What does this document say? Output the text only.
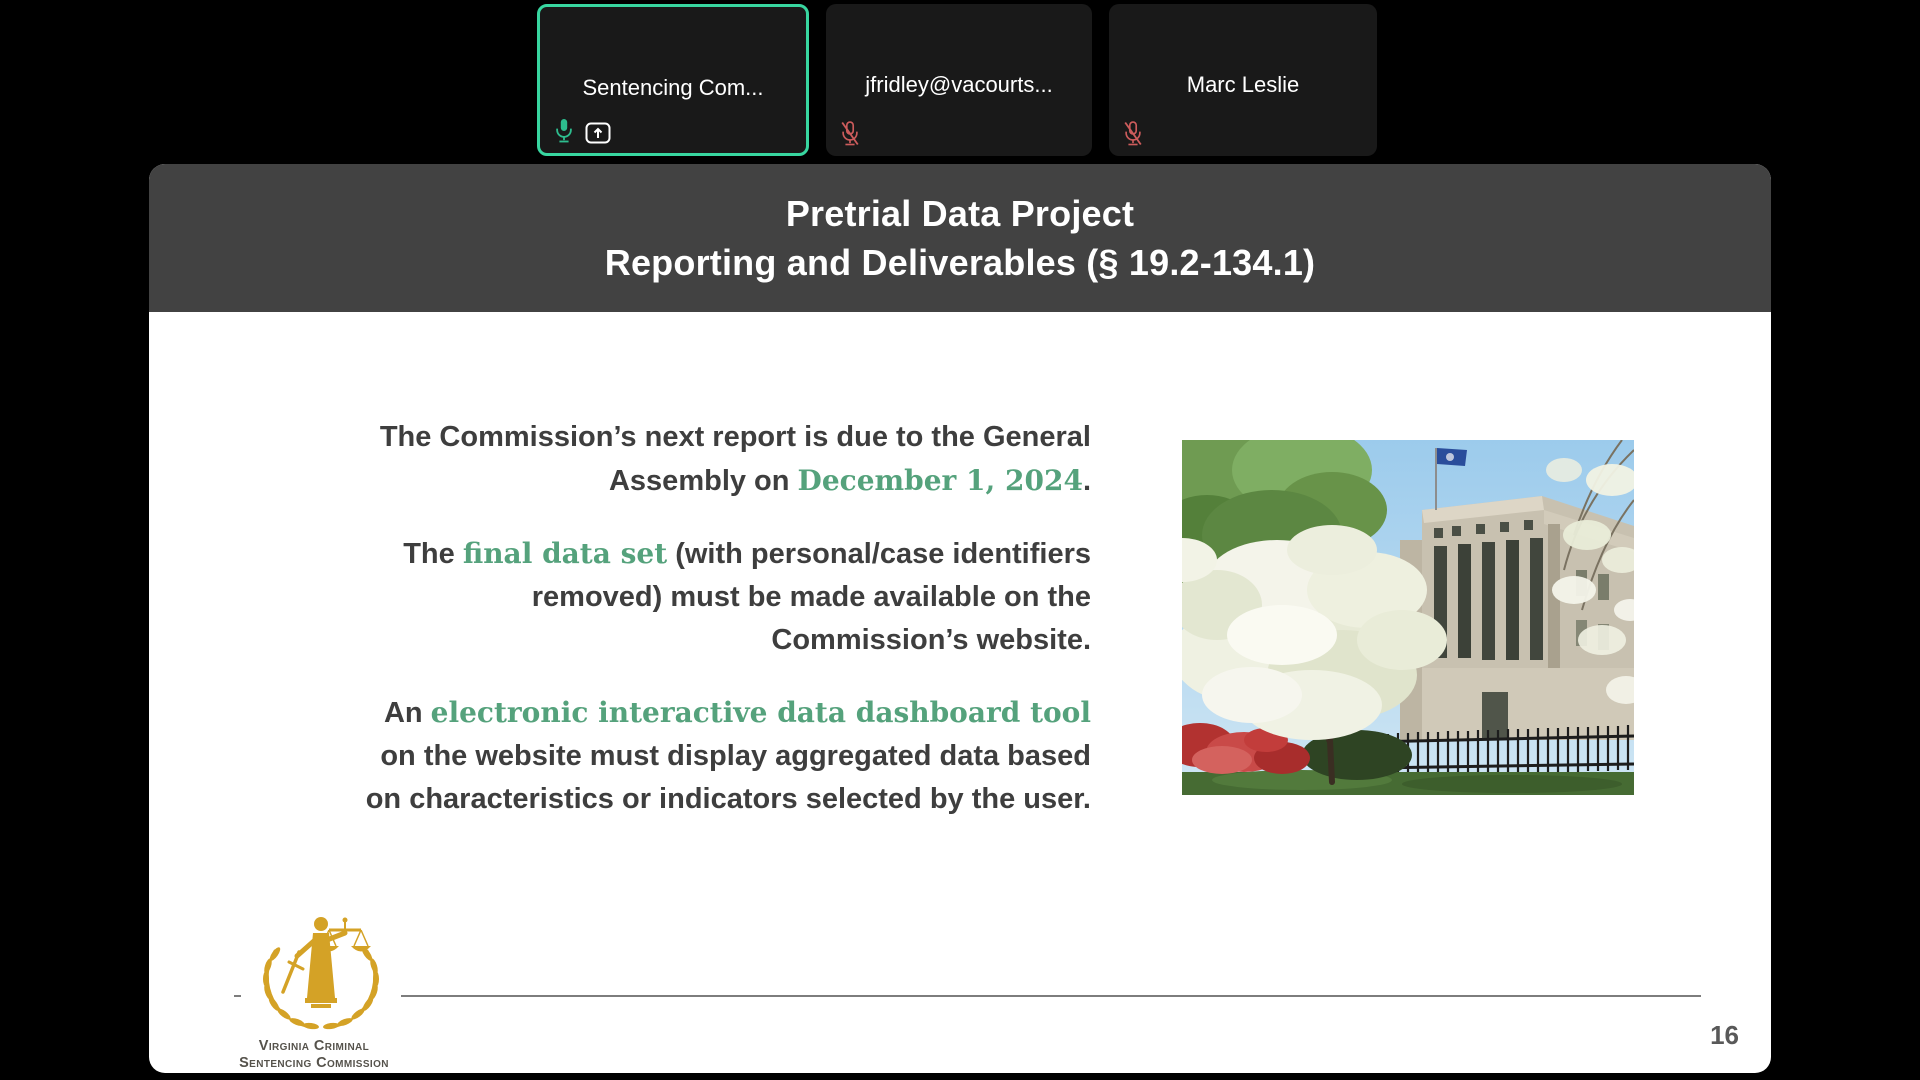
Sentencing Com...	jfridley@vacourts...	Marc Leslie
Pretrial Data Project
Reporting and Deliverables (§ 19.2-134.1)

The Commission’s next report is due to the General Assembly on December 1, 2024.

The final data set (with personal/case identifiers removed) must be made available on the Commission’s website.

An electronic interactive data dashboard tool on the website must display aggregated data based on characteristics or indicators selected by the user.

Virginia Criminal
Sentencing Commission
16
